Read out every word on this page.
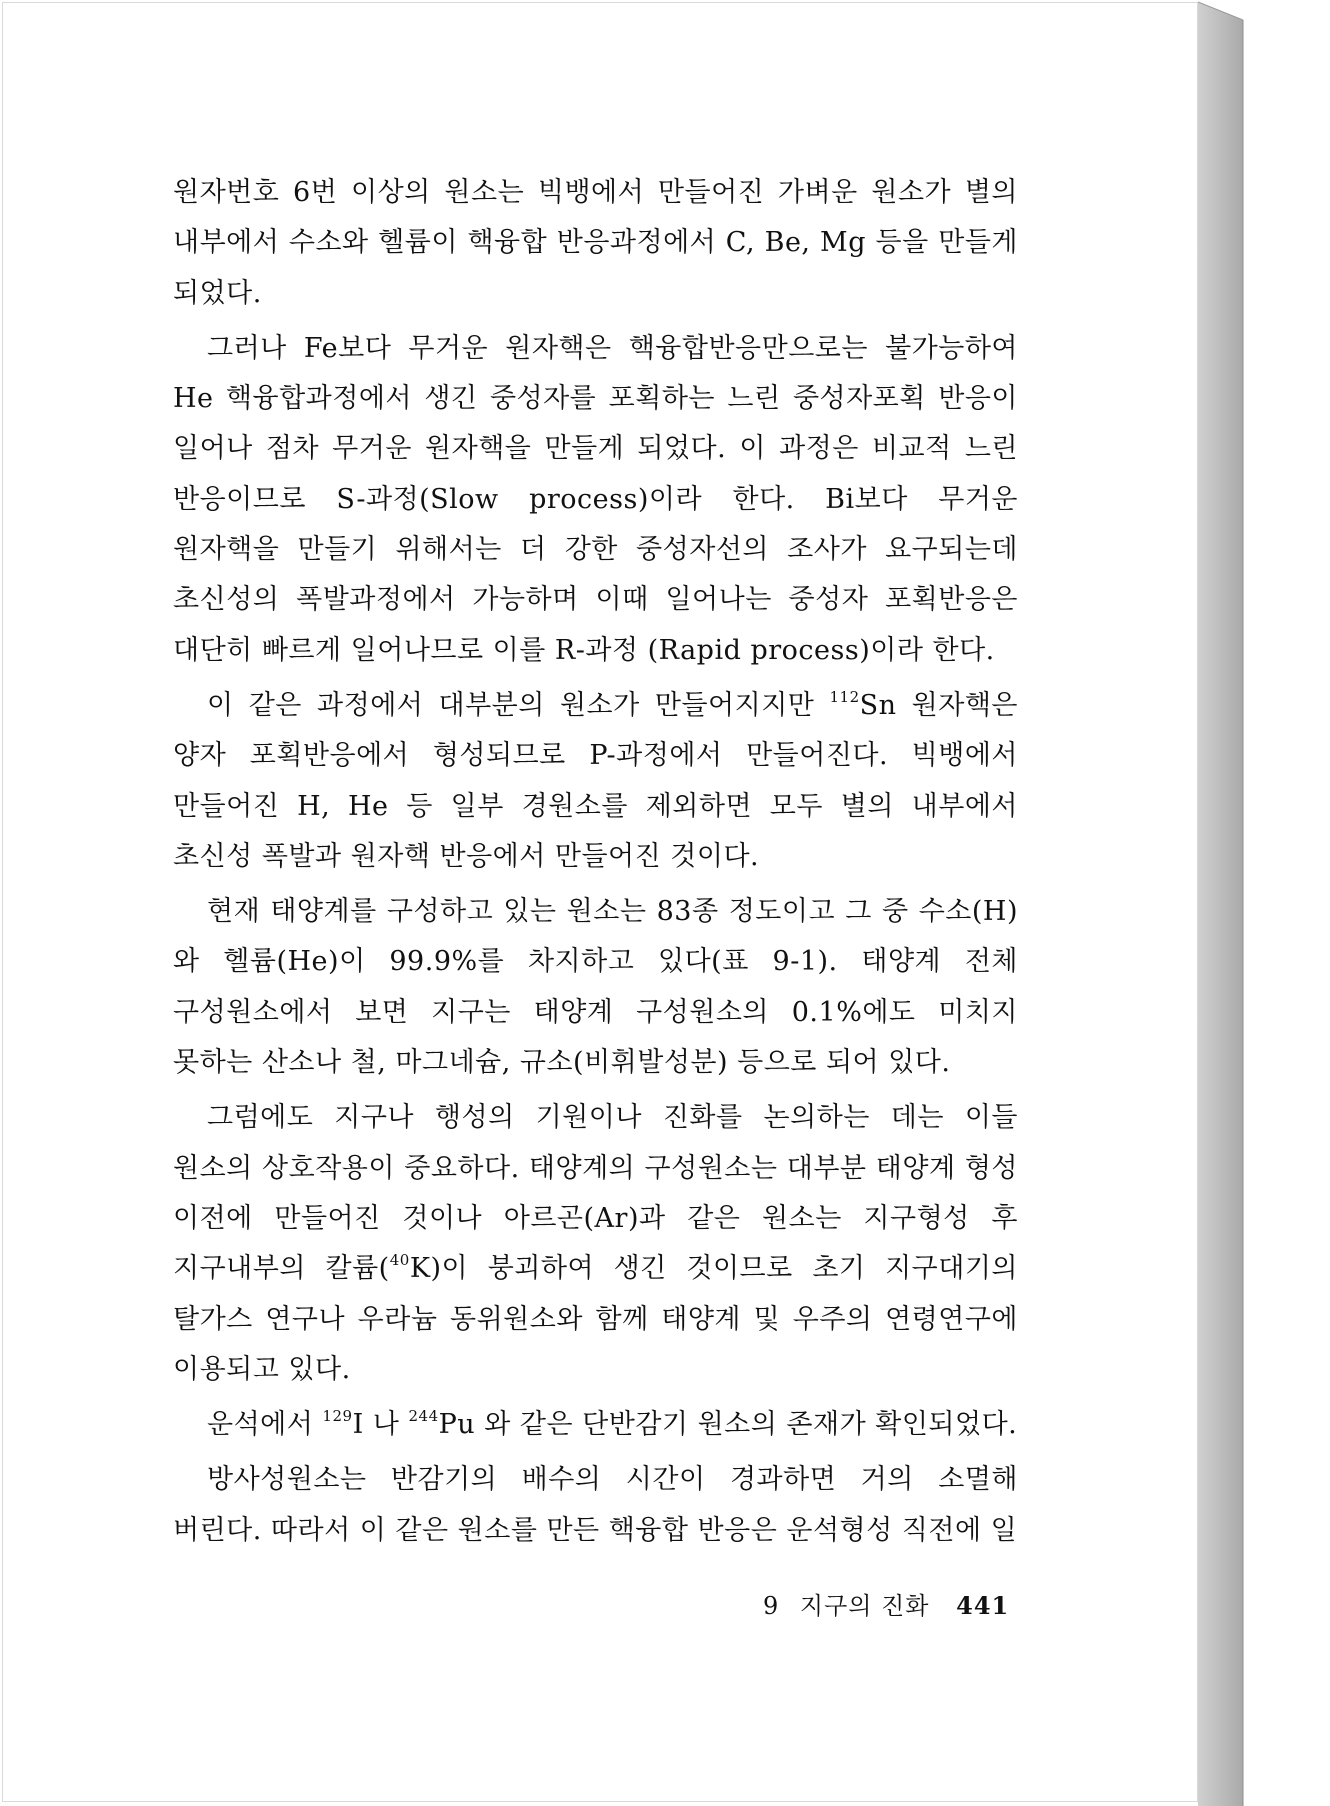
원자번호 6번 이상의 원소는 빅뱅에서 만들어진 가벼운 원소가 별의 내부에서 수소와 헬륨이 핵융합 반응과정에서 C, Be, Mg 등을 만들게 되었다.

그러나 Fe보다 무거운 원자핵은 핵융합반응만으로는 불가능하여 He 핵융합과정에서 생긴 중성자를 포획하는 느린 중성자포획 반응이 일어나 점차 무거운 원자핵을 만들게 되었다. 이 과정은 비교적 느린 반응이므로 S-과정(Slow process)이라 한다. Bi보다 무거운 원자핵을 만들기 위해서는 더 강한 중성자선의 조사가 요구되는데 초신성의 폭발과정에서 가능하며 이때 일어나는 중성자 포획반응은 대단히 빠르게 일어나므로 이를 R-과정 (Rapid process)이라 한다.

이 같은 과정에서 대부분의 원소가 만들어지지만 $^{112}$Sn 원자핵은 양자 포획반응에서 형성되므로 P-과정에서 만들어진다. 빅뱅에서 만들어진 H, He 등 일부 경원소를 제외하면 모두 별의 내부에서 초신성 폭발과 원자핵 반응에서 만들어진 것이다.

현재 태양계를 구성하고 있는 원소는 83종 정도이고 그 중 수소(H)와 헬륨(He)이 99.9%를 차지하고 있다(표 9-1). 태양계 전체 구성원소에서 보면 지구는 태양계 구성원소의 0.1%에도 미치지 못하는 산소나 철, 마그네슘, 규소(비휘발성분) 등으로 되어 있다.

그럼에도 지구나 행성의 기원이나 진화를 논의하는 데는 이들 원소의 상호작용이 중요하다. 태양계의 구성원소는 대부분 태양계 형성 이전에 만들어진 것이나 아르곤(Ar)과 같은 원소는 지구형성 후 지구내부의 칼륨($^{40}$K)이 붕괴하여 생긴 것이므로 초기 지구대기의 탈가스 연구나 우라늄 동위원소와 함께 태양계 및 우주의 연령연구에 이용되고 있다.

운석에서 $^{129}$I 나 $^{244}$Pu 와 같은 단반감기 원소의 존재가 확인되었다.

방사성원소는 반감기의 배수의 시간이 경과하면 거의 소멸해 버린다. 따라서 이 같은 원소를 만든 핵융합 반응은 운석형성 직전에 일

9 지구의 진화 441
